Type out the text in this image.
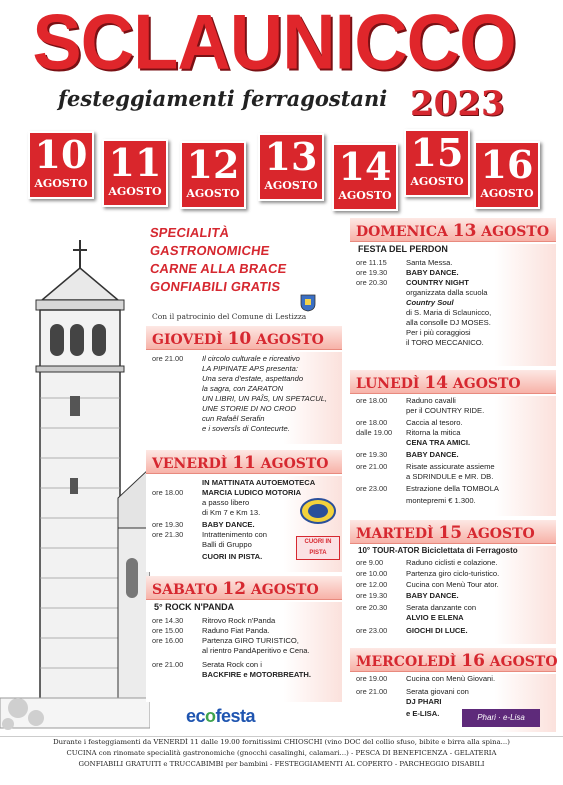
SCLAUNICCO
festeggiamenti ferragostani 2023
10
AGOSTO 11
AGOSTO
12
AGOSTO
13
AGOSTO 14
AGOSTO
15
AGOSTO 16
AGOSTO
SPECIALITÀ
GASTRONOMICHE
CARNE ALLA BRACE
GONFIABILI GRATIS
Con il patrocinio del Comune di Lestizza
GIOVEDÌ 10 AGOSTO
ore 21.00	Il circolo culturale e ricreativo
LA PIPINATE APS presenta:
Una sera d'estate, aspettando
la sagra, con ZARATON
UN LIBRI, UN PAÎS, UN SPETACUL,
UNE STORIE DI NO CROD
cun Rafaêl Serafin
e i soversîs di Contecurte.
VENERDÌ 11 AGOSTO
IN MATTINATA AUTOEMOTECA
ore 18.00	MARCIA LUDICO MOTORIA
a passo libero
di Km 7 e Km 13.
ore 19.30	BABY DANCE.
ore 21.30	Intrattenimento con
Balli di Gruppo
CUORI IN PISTA.
CUORI IN PISTA
SABATO 12 AGOSTO
5° ROCK N'PANDA
ore 14.30	Ritrovo Rock n'Panda
ore 15.00	Raduno Fiat Panda.
ore 16.00	Partenza GIRO TURISTICO,
al rientro PandAperitivo e Cena.
ore 21.00	Serata Rock con i
BACKFIRE e MOTORBREATH.
DOMENICA 13 AGOSTO
FESTA DEL PERDON
ore 11.15	Santa Messa.
ore 19.30	BABY DANCE.
ore 20.30	COUNTRY NIGHT
organizzata dalla scuola
Country Soul
di S. Maria di Sclaunicco,
alla consolle DJ MOSES.
Per i più coraggiosi
il TORO MECCANICO.
LUNEDÌ 14 AGOSTO
ore 18.00	Raduno cavalli
per il COUNTRY RIDE.
ore 18.00	Caccia al tesoro.
dalle 19.00	Ritorna la mitica
CENA TRA AMICI.
ore 19.30	BABY DANCE.
ore 21.00	Risate assicurate assieme
a SDRINDULE e MR. DB.
ore 23.00	Estrazione della TOMBOLA
montepremi € 1.300.
MARTEDÌ 15 AGOSTO
10° TOUR-ATOR Biciclettata di Ferragosto
ore 9.00	Raduno ciclisti e colazione.
ore 10.00	Partenza giro ciclo-turistico.
ore 12.00	Cucina con Menù Tour ator.
ore 19.30	BABY DANCE.
ore 20.30	Serata danzante con
ALVIO E ELENA
ore 23.00	GIOCHI DI LUCE.
MERCOLEDÌ 16 AGOSTO
ore 19.00	Cucina con Menù Giovani.
ore 21.00	Serata giovani con
DJ PHARI
e E-LISA.
ecofesta	Phari · e-Lisa
Durante i festeggiamenti da VENERDÌ 11 dalle 19.00 fornitissimi CHIOSCHI (vino DOC del collio sfuso, bibite e birra alla spina...)
CUCINA con rinomate specialità gastronomiche (gnocchi casalinghi, calamari...) - PESCA DI BENEFICENZA - GELATERIA
GONFIABILI GRATUITI e TRUCCABIMBI per bambini - FESTEGGIAMENTI AL COPERTO - PARCHEGGIO DISABILI
